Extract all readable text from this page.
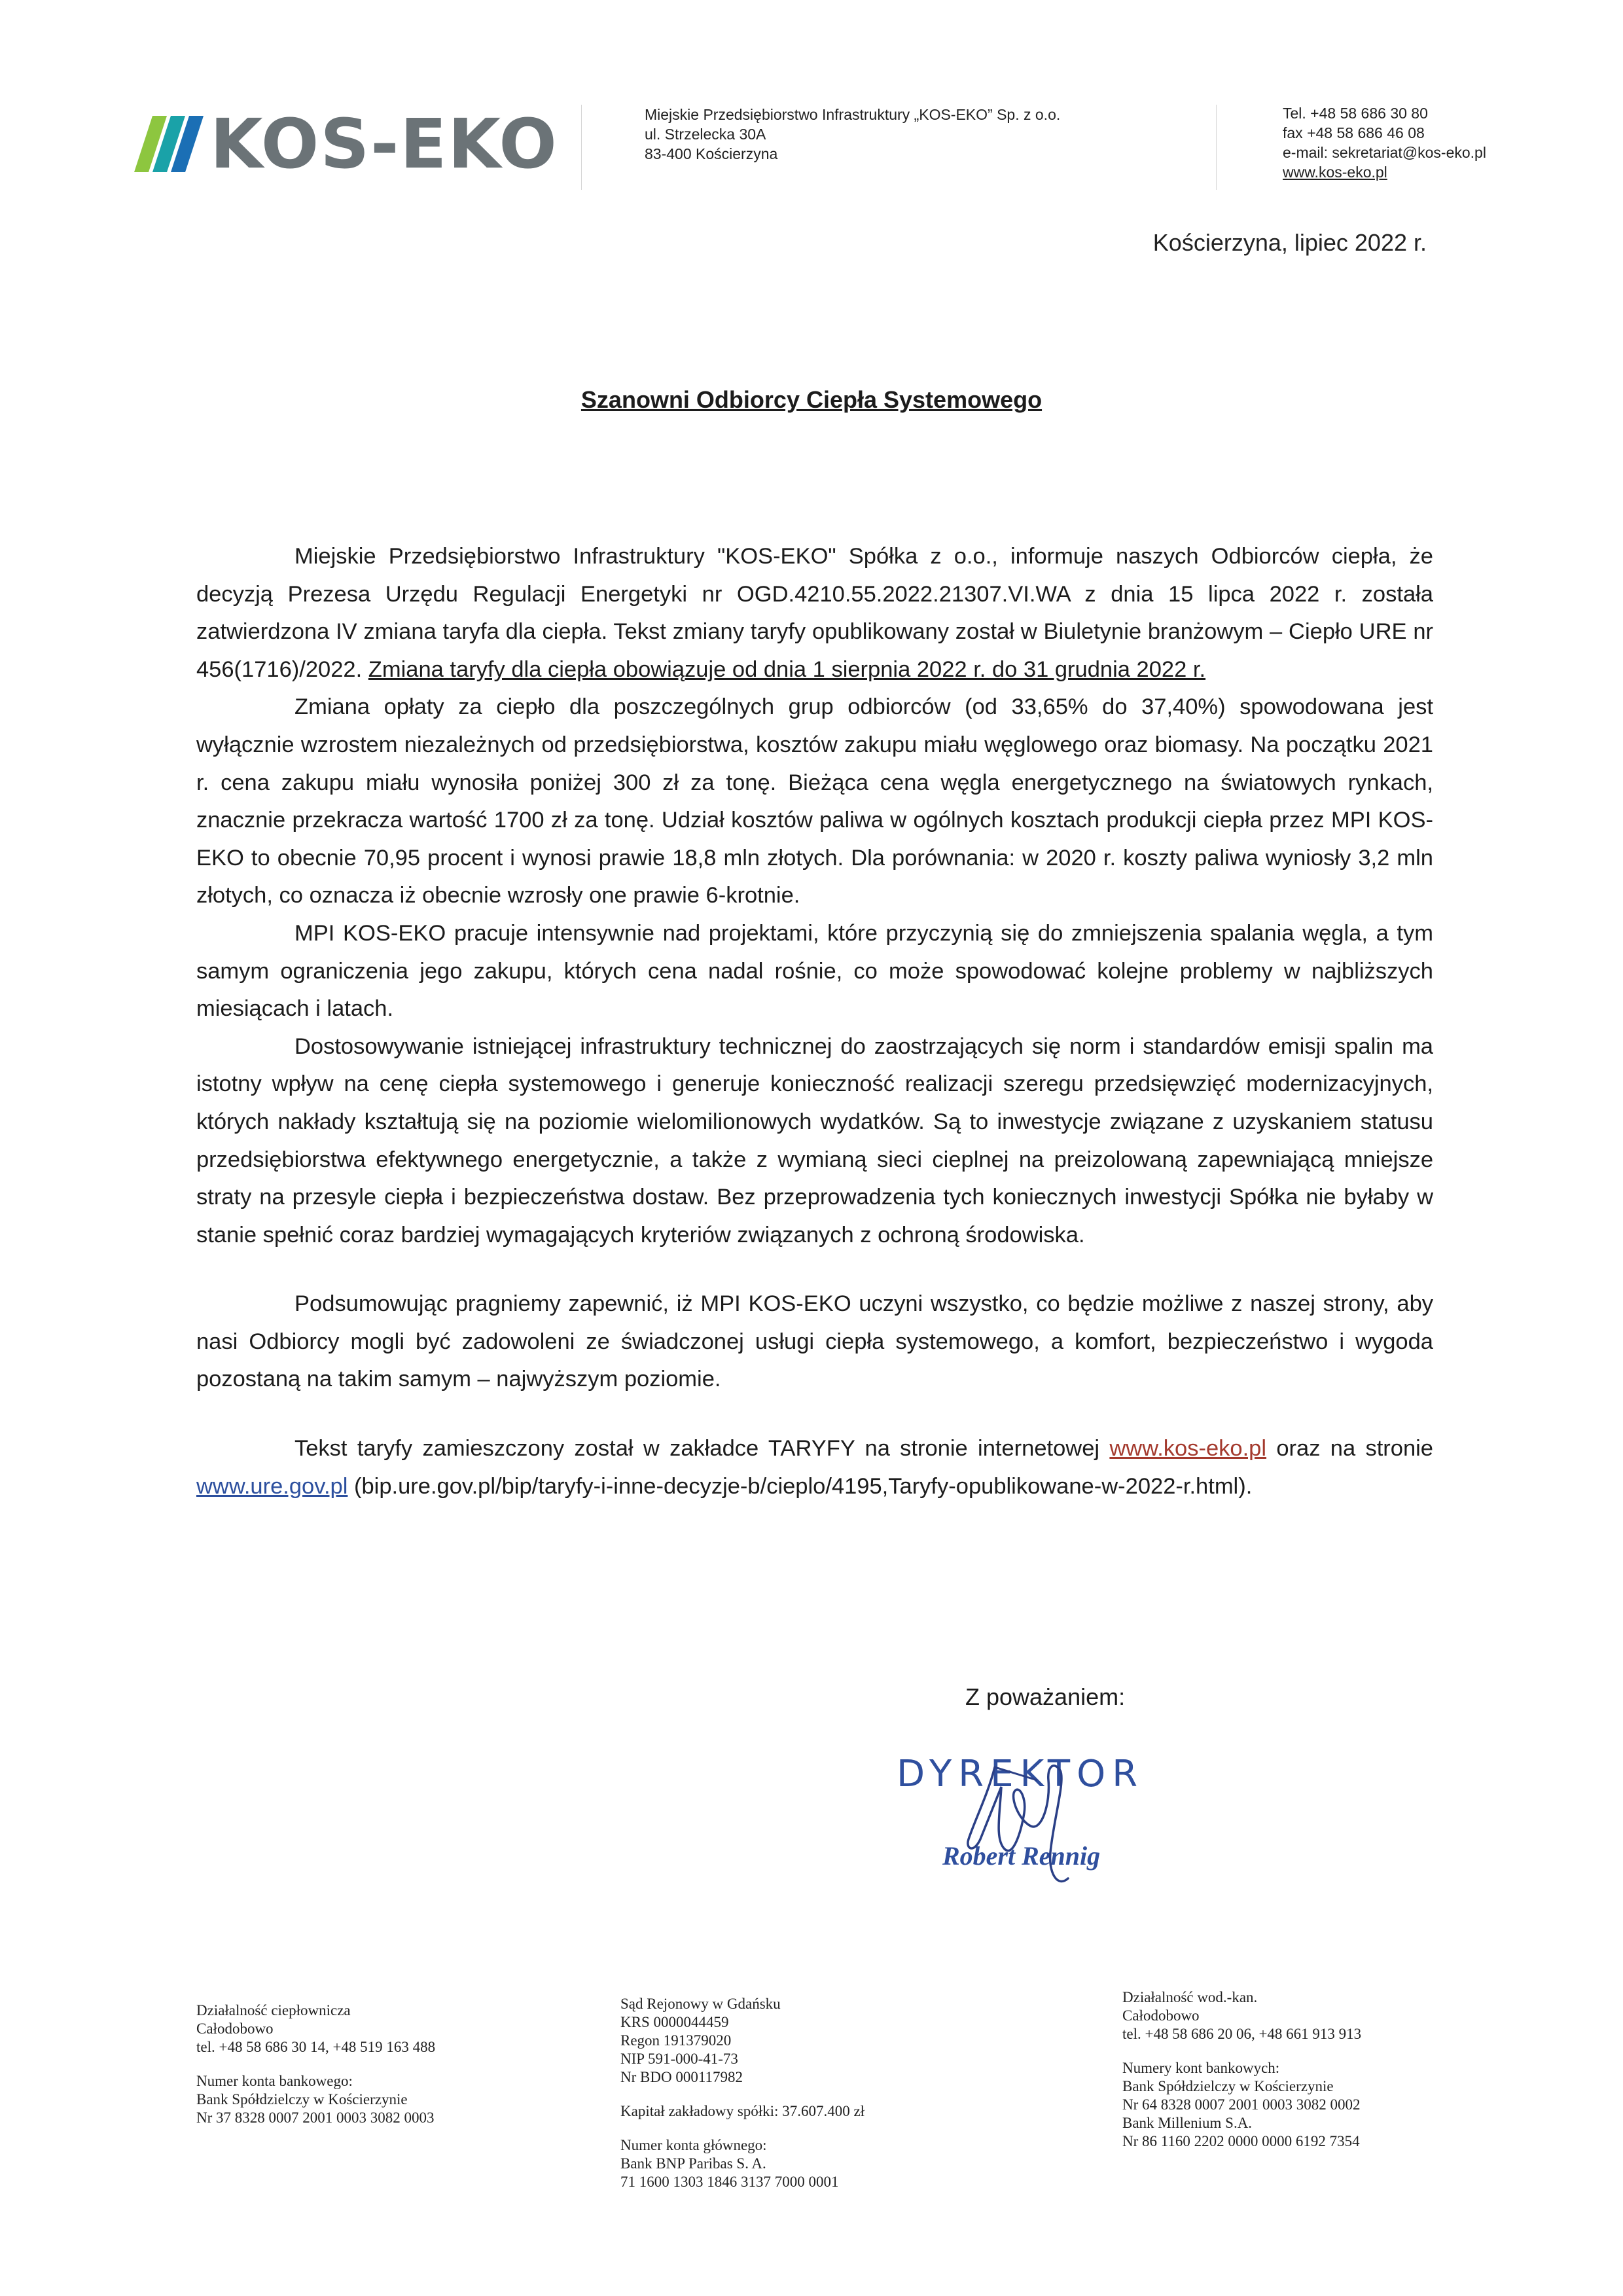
KOS-EKO	Miejskie Przedsiębiorstwo Infrastruktury „KOS-EKO” Sp. z o.o.
ul. Strzelecka 30A
83-400 Kościerzyna
Tel. +48 58 686 30 80
fax +48 58 686 46 08
e-mail: sekretariat@kos-eko.pl
www.kos-eko.pl
Kościerzyna, lipiec 2022 r.
Szanowni Odbiorcy Ciepła Systemowego

Miejskie Przedsiębiorstwo Infrastruktury "KOS-EKO" Spółka z o.o., informuje naszych Odbiorców ciepła, że decyzją Prezesa Urzędu Regulacji Energetyki nr OGD.4210.55.2022.21307.VI.WA z dnia 15 lipca 2022 r. została zatwierdzona IV zmiana taryfa dla ciepła. Tekst zmiany taryfy opublikowany został w Biuletynie branżowym – Ciepło URE nr 456(1716)/2022. Zmiana taryfy dla ciepła obowiązuje od dnia 1 sierpnia 2022 r. do 31 grudnia 2022 r.

Zmiana opłaty za ciepło dla poszczególnych grup odbiorców (od 33,65% do 37,40%) spowodowana jest wyłącznie wzrostem niezależnych od przedsiębiorstwa, kosztów zakupu miału węglowego oraz biomasy. Na początku 2021 r. cena zakupu miału wynosiła poniżej 300 zł za tonę. Bieżąca cena węgla energetycznego na światowych rynkach, znacznie przekracza wartość 1700 zł za tonę. Udział kosztów paliwa w ogólnych kosztach produkcji ciepła przez MPI KOS-EKO to obecnie 70,95 procent i wynosi prawie 18,8 mln złotych. Dla porównania: w 2020 r. koszty paliwa wyniosły 3,2 mln złotych, co oznacza iż obecnie wzrosły one prawie 6-krotnie.

MPI KOS-EKO pracuje intensywnie nad projektami, które przyczynią się do zmniejszenia spalania węgla, a tym samym ograniczenia jego zakupu, których cena nadal rośnie, co może spowodować kolejne problemy w najbliższych miesiącach i latach.

Dostosowywanie istniejącej infrastruktury technicznej do zaostrzających się norm i standardów emisji spalin ma istotny wpływ na cenę ciepła systemowego i generuje konieczność realizacji szeregu przedsięwzięć modernizacyjnych, których nakłady kształtują się na poziomie wielomilionowych wydatków. Są to inwestycje związane z uzyskaniem statusu przedsiębiorstwa efektywnego energetycznie, a także z wymianą sieci cieplnej na preizolowaną zapewniającą mniejsze straty na przesyle ciepła i bezpieczeństwa dostaw. Bez przeprowadzenia tych koniecznych inwestycji Spółka nie byłaby w stanie spełnić coraz bardziej wymagających kryteriów związanych z ochroną środowiska.

Podsumowując pragniemy zapewnić, iż MPI KOS-EKO uczyni wszystko, co będzie możliwe z naszej strony, aby nasi Odbiorcy mogli być zadowoleni ze świadczonej usługi ciepła systemowego, a komfort, bezpieczeństwo i wygoda pozostaną na takim samym – najwyższym poziomie.

Tekst taryfy zamieszczony został w zakładce TARYFY na stronie internetowej www.kos-eko.pl oraz na stronie www.ure.gov.pl (bip.ure.gov.pl/bip/taryfy-i-inne-decyzje-b/cieplo/4195,Taryfy-opublikowane-w-2022-r.html).

Z poważaniem:
DYREKTOR
Robert Rennig
Działalność ciepłownicza
Całodobowo
tel. +48 58 686 30 14, +48 519 163 488
Numer konta bankowego:
Bank Spółdzielczy w Kościerzynie
Nr 37 8328 0007 2001 0003 3082 0003
Sąd Rejonowy w Gdańsku
KRS 0000044459
Regon 191379020
NIP 591-000-41-73
Nr BDO 000117982
Kapitał zakładowy spółki: 37.607.400 zł
Numer konta głównego:
Bank BNP Paribas S. A.
71 1600 1303 1846 3137 7000 0001
Działalność wod.-kan.
Całodobowo
tel. +48 58 686 20 06, +48 661 913 913
Numery kont bankowych:
Bank Spółdzielczy w Kościerzynie
Nr 64 8328 0007 2001 0003 3082 0002
Bank Millenium S.A.
Nr 86 1160 2202 0000 0000 6192 7354
